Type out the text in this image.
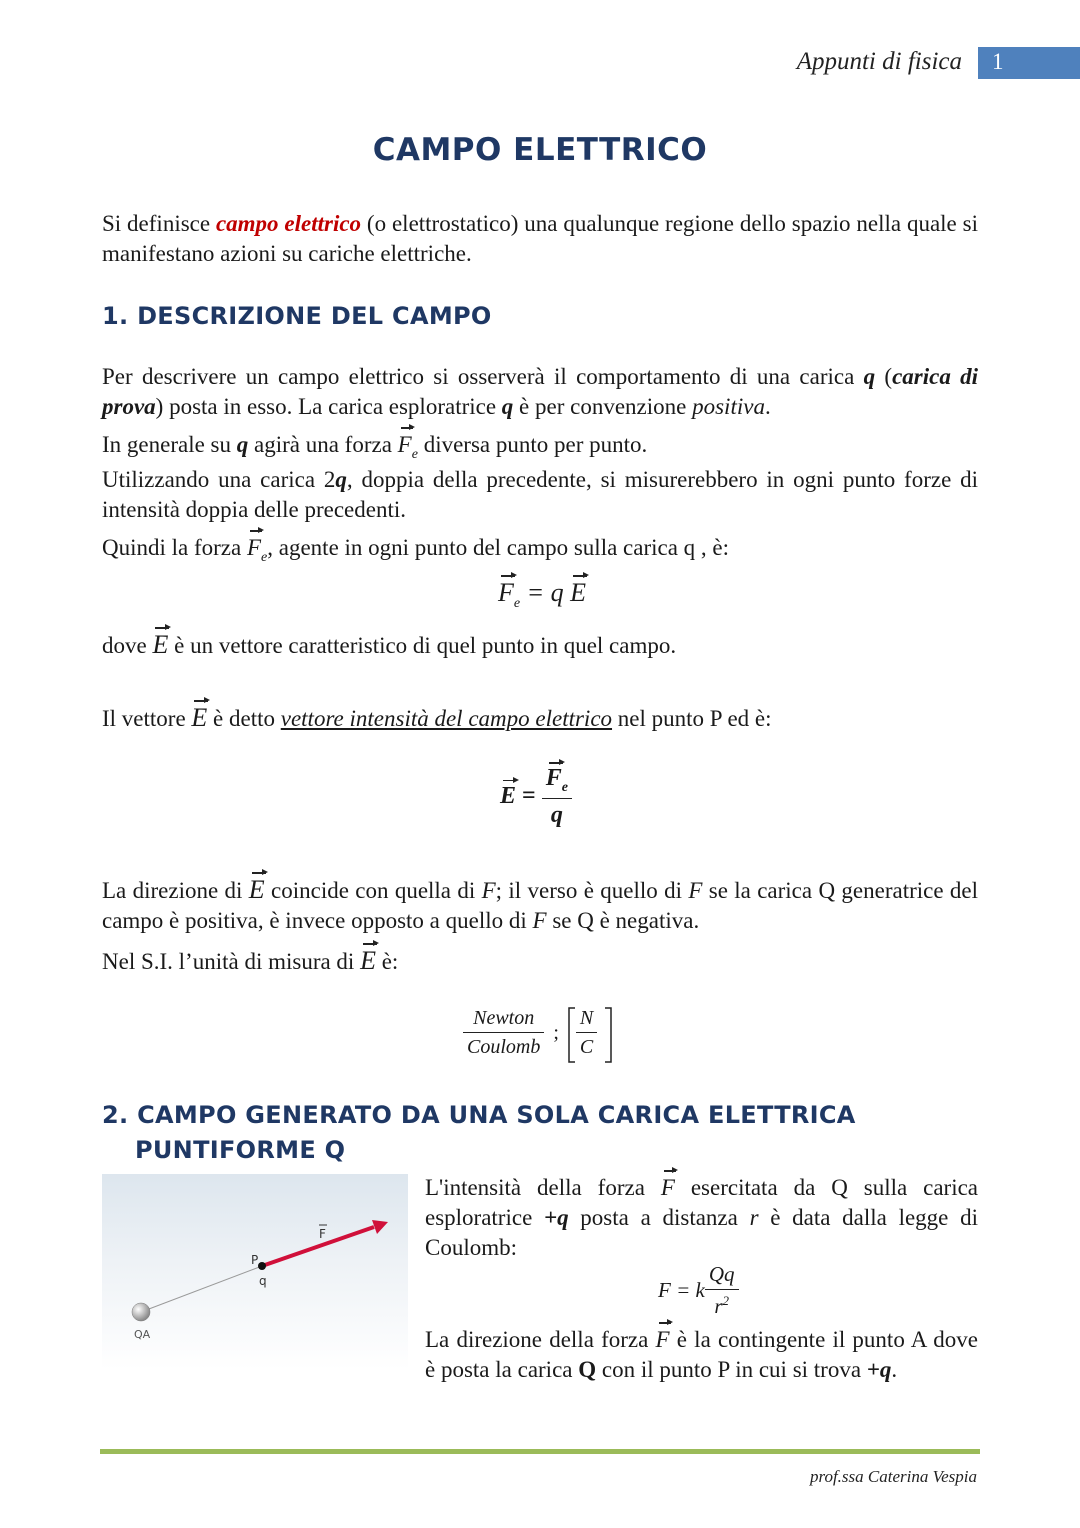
Appunti di fisica 1
CAMPO ELETTRICO
Si definisce campo elettrico (o elettrostatico) una qualunque regione dello spazio nella quale si manifestano azioni su cariche elettriche.
1. DESCRIZIONE DEL CAMPO
Per descrivere un campo elettrico si osserverà il comportamento di una carica q (carica di prova) posta in esso. La carica esploratrice q è per convenzione positiva.
In generale su q agirà una forza $F_e$ diversa punto per punto.
Utilizzando una carica 2q, doppia della precedente, si misurerebbero in ogni punto forze di intensità doppia delle precedenti.
Quindi la forza $F_e$, agente in ogni punto del campo sulla carica q , è:
$F_e = q$ E
dove E è un vettore caratteristico di quel punto in quel campo.
Il vettore E è detto vettore intensità del campo elettrico nel punto P ed è:
$E = \frac{F_e}{q}$
La direzione di E coincide con quella di F; il verso è quello di F se la carica Q generatrice del campo è positiva, è invece opposto a quello di F se Q è negativa.
Nel S.I. l’unità di misura di E è:
$\frac{\text{Newton}}{\text{Coulomb}}$ ; $\frac{N}{C}$
2. CAMPO GENERATO DA UNA SOLA CARICA ELETTRICA
PUNTIFORME Q
F
P
q
QA
L'intensità della forza F esercitata da Q sulla carica esploratrice +q posta a distanza r è data dalla legge di Coulomb:
F = k $\frac{Qq}{r^2}$
La direzione della forza F è la contingente il punto A dove è posta la carica Q con il punto P in cui si trova +q.
prof.ssa Caterina Vespia
